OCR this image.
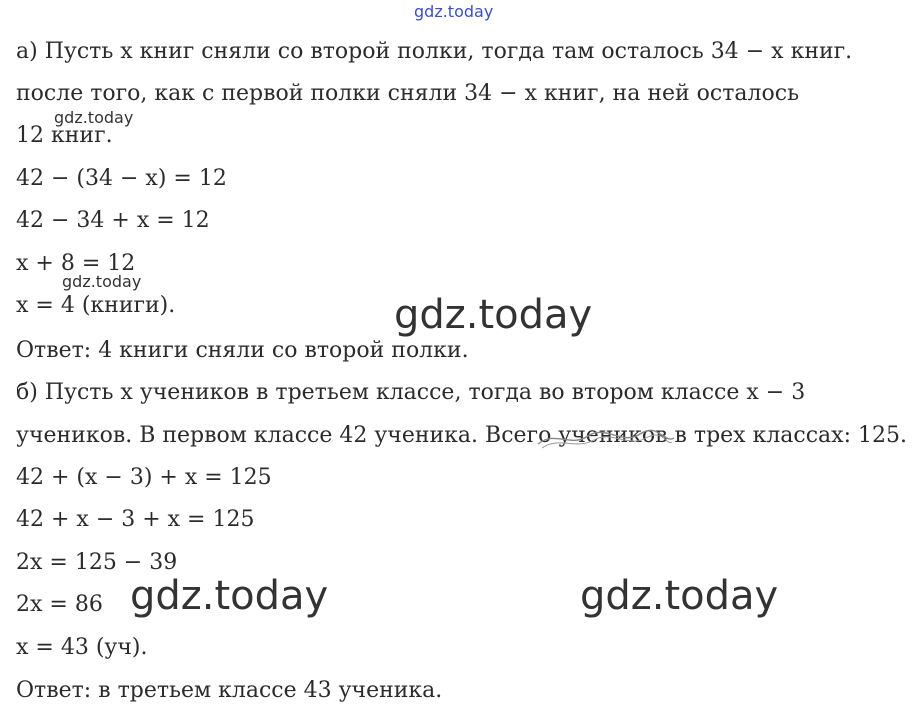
gdz.today
а) Пусть x книг сняли со второй полки, тогда там осталось 34 − x книг.
после того, как с первой полки сняли 34 − x книг, на ней осталось
12 книг.
42 − (34 − x) = 12
42 − 34 + x = 12
x + 8 = 12
x = 4 (книги).
Ответ: 4 книги сняли со второй полки.
б) Пусть x учеников в третьем классе, тогда во втором классе x − 3
учеников. В первом классе 42 ученика. Всего учеников в трех классах: 125.
42 + (x − 3) + x = 125
42 + x − 3 + x = 125
2x = 125 − 39
2x = 86
x = 43 (уч).
Ответ: в третьем классе 43 ученика.
gdz.today
gdz.today
gdz.today
gdz.today	gdz.today
